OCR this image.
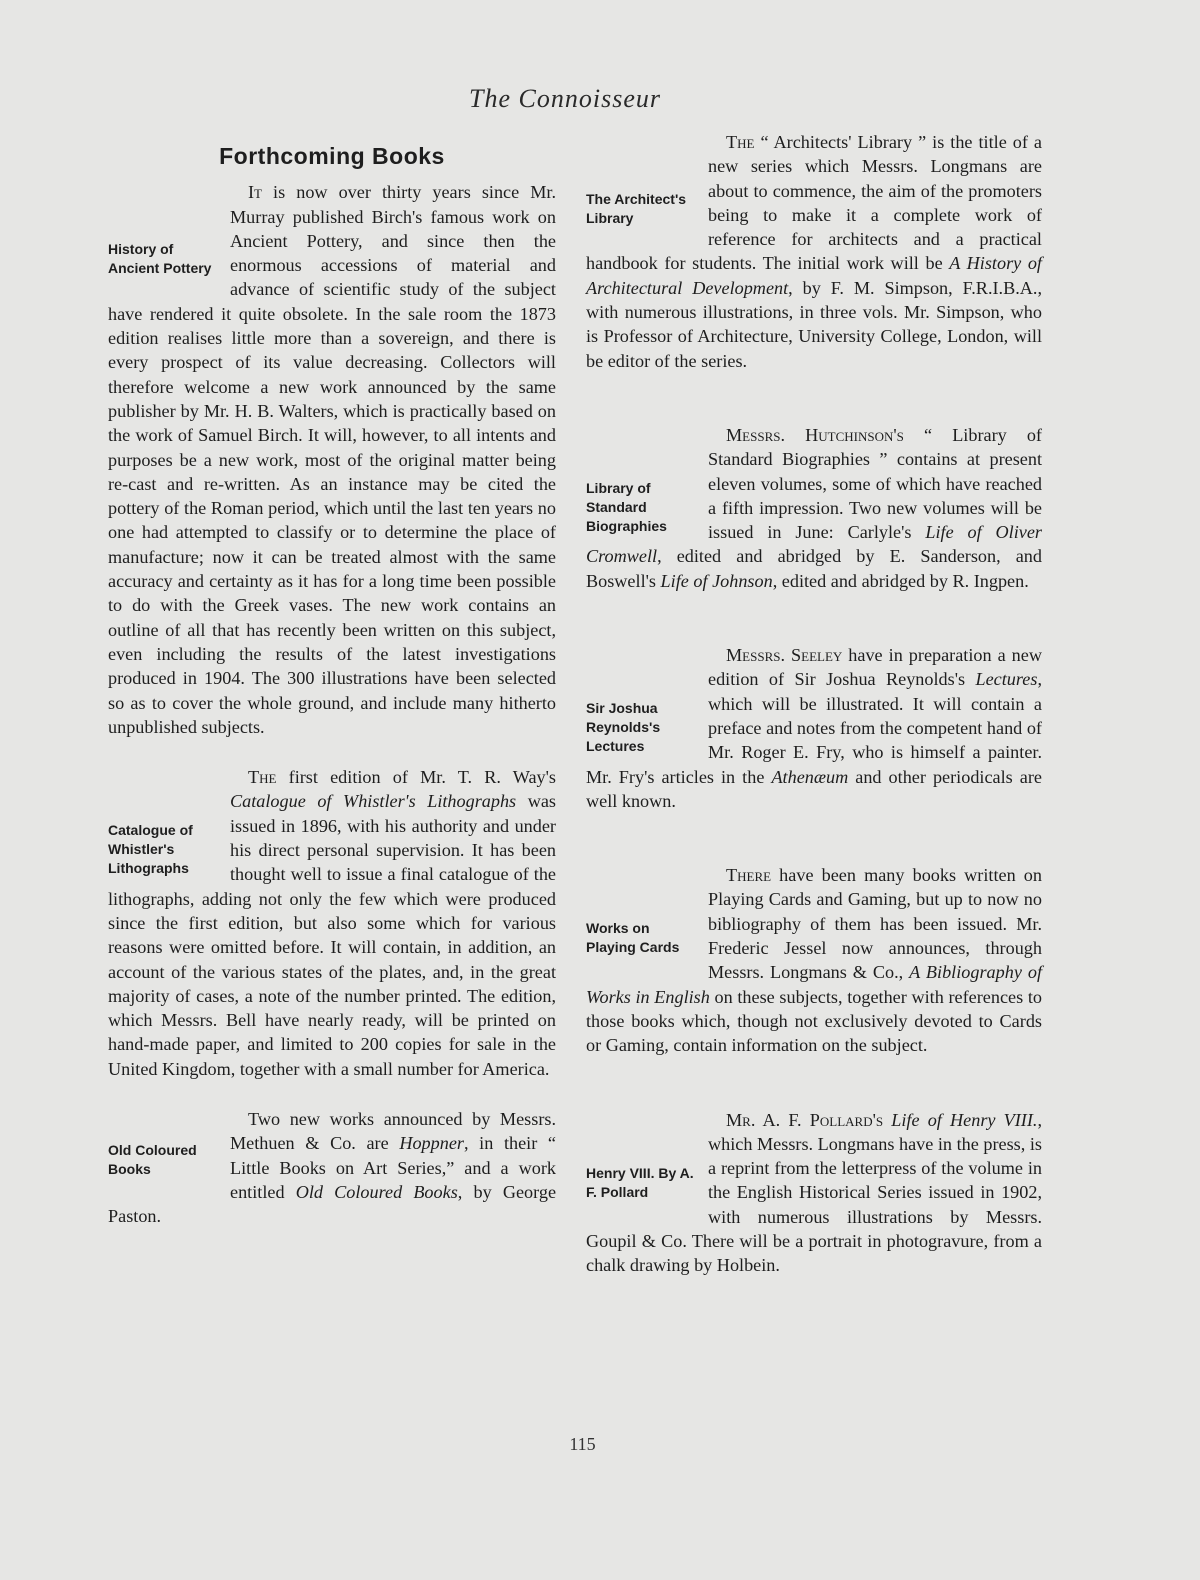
The Connoisseur
Forthcoming Books
History of Ancient Pottery

It is now over thirty years since Mr. Murray published Birch's famous work on Ancient Pottery, and since then the enormous accessions of material and advance of scientific study of the subject have rendered it quite obsolete. In the sale room the 1873 edition realises little more than a sovereign, and there is every prospect of its value decreasing. Collectors will therefore welcome a new work announced by the same publisher by Mr. H. B. Walters, which is practically based on the work of Samuel Birch. It will, however, to all intents and purposes be a new work, most of the original matter being re-cast and re-written. As an instance may be cited the pottery of the Roman period, which until the last ten years no one had attempted to classify or to determine the place of manufacture; now it can be treated almost with the same accuracy and certainty as it has for a long time been possible to do with the Greek vases. The new work contains an outline of all that has recently been written on this subject, even including the results of the latest investigations produced in 1904. The 300 illustrations have been selected so as to cover the whole ground, and include many hitherto unpublished subjects.

Catalogue of Whistler's Lithographs

The first edition of Mr. T. R. Way's Catalogue of Whistler's Lithographs was issued in 1896, with his authority and under his direct personal supervision. It has been thought well to issue a final catalogue of the lithographs, adding not only the few which were produced since the first edition, but also some which for various reasons were omitted before. It will contain, in addition, an account of the various states of the plates, and, in the great majority of cases, a note of the number printed. The edition, which Messrs. Bell have nearly ready, will be printed on hand-made paper, and limited to 200 copies for sale in the United Kingdom, together with a small number for America.

Old Coloured Books

Two new works announced by Messrs. Methuen & Co. are Hoppner, in their “ Little Books on Art Series,” and a work entitled Old Coloured Books, by George Paston.

The Architect's Library

The “ Architects' Library ” is the title of a new series which Messrs. Longmans are about to commence, the aim of the promoters being to make it a complete work of reference for architects and a practical handbook for students. The initial work will be A History of Architectural Development, by F. M. Simpson, F.R.I.B.A., with numerous illustrations, in three vols. Mr. Simpson, who is Professor of Architecture, University College, London, will be editor of the series.

Library of Standard Biographies

Messrs. Hutchinson's “ Library of Standard Biographies ” contains at present eleven volumes, some of which have reached a fifth impression. Two new volumes will be issued in June: Carlyle's Life of Oliver Cromwell, edited and abridged by E. Sanderson, and Boswell's Life of Johnson, edited and abridged by R. Ingpen.

Sir Joshua Reynolds's Lectures

Messrs. Seeley have in preparation a new edition of Sir Joshua Reynolds's Lectures, which will be illustrated. It will contain a preface and notes from the competent hand of Mr. Roger E. Fry, who is himself a painter. Mr. Fry's articles in the Athenæum and other periodicals are well known.

Works on Playing Cards

There have been many books written on Playing Cards and Gaming, but up to now no bibliography of them has been issued. Mr. Frederic Jessel now announces, through Messrs. Longmans & Co., A Bibliography of Works in English on these subjects, together with references to those books which, though not exclusively devoted to Cards or Gaming, contain information on the subject.

Henry VIII. By A. F. Pollard

Mr. A. F. Pollard's Life of Henry VIII., which Messrs. Longmans have in the press, is a reprint from the letterpress of the volume in the English Historical Series issued in 1902, with numerous illustrations by Messrs. Goupil & Co. There will be a portrait in photogravure, from a chalk drawing by Holbein.

115
